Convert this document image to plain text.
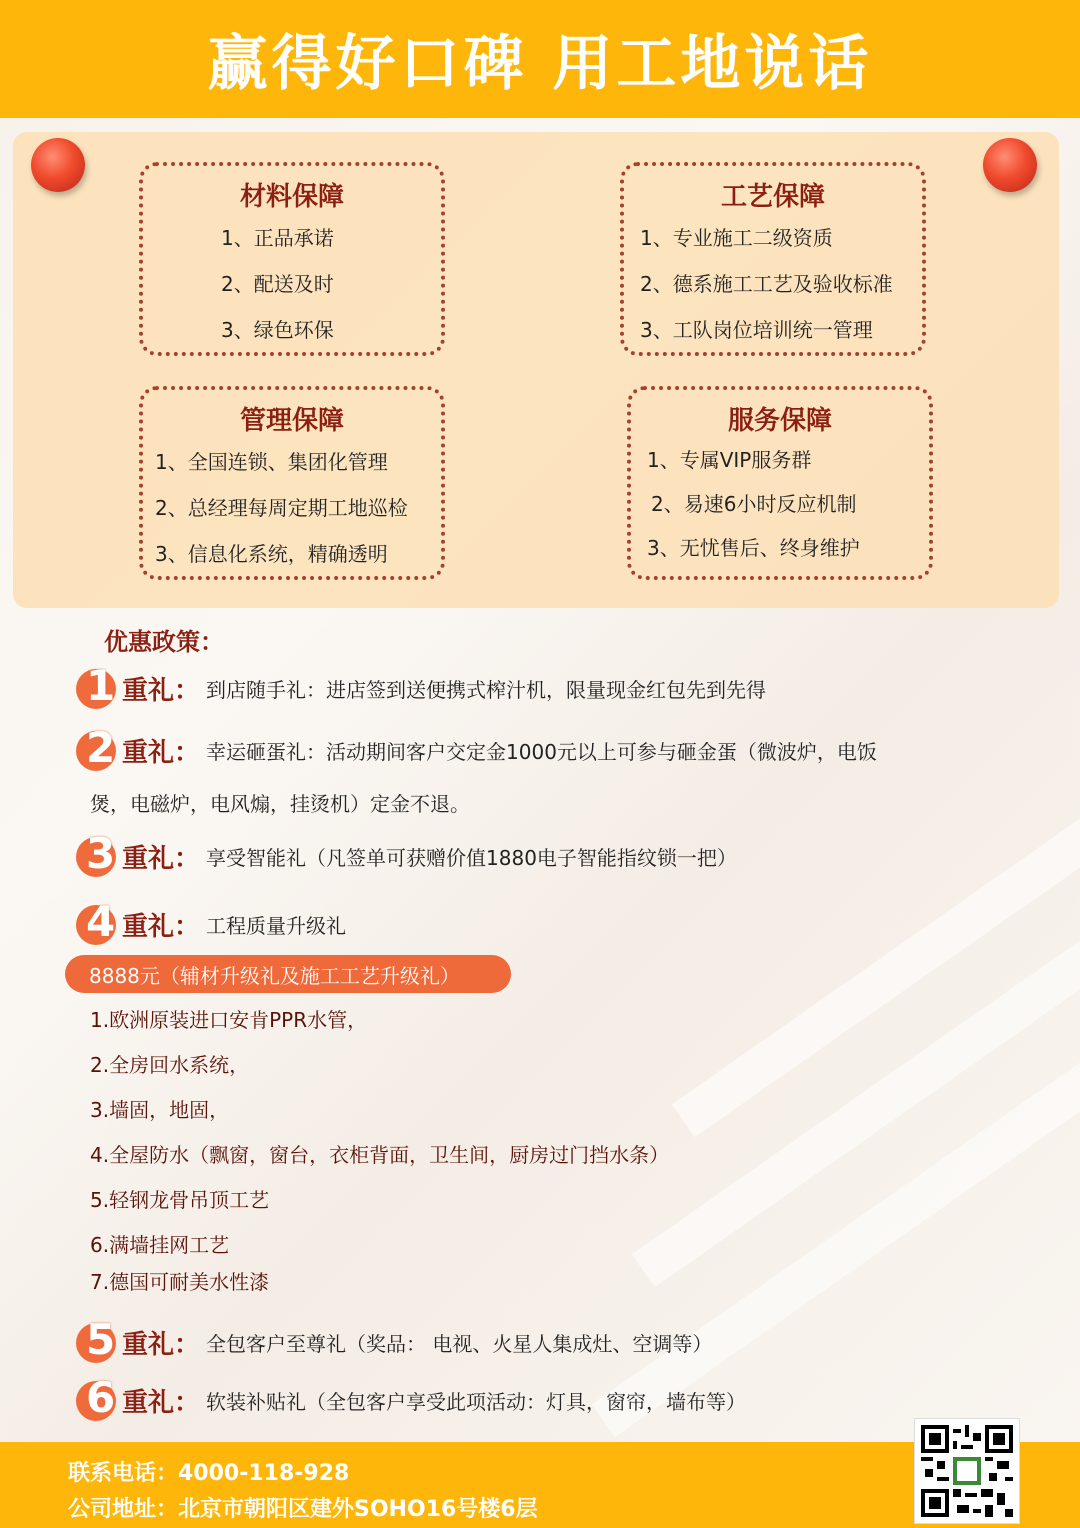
赢得好口碑 用工地说话
材料保障
1、正品承诺
2、配送及时
3、绿色环保
工艺保障
1、专业施工二级资质
2、德系施工工艺及验收标准
3、工队岗位培训统一管理
管理保障
1、全国连锁、集团化管理
2、总经理每周定期工地巡检
3、信息化系统，精确透明
服务保障
1、专属VIP服务群
2、易速6小时反应机制
3、无忧售后、终身维护
优惠政策：
1 重礼： 到店随手礼：进店签到送便携式榨汁机，限量现金红包先到先得
2 重礼： 幸运砸蛋礼：活动期间客户交定金1000元以上可参与砸金蛋（微波炉，电饭
煲，电磁炉，电风煽，挂烫机）定金不退。
3 重礼： 享受智能礼（凡签单可获赠价值1880电子智能指纹锁一把）
4 重礼： 工程质量升级礼
8888元（辅材升级礼及施工工艺升级礼）
1.欧洲原装进口安肯PPR水管，
2.全房回水系统，
3.墙固，地固，
4.全屋防水（飘窗，窗台，衣柜背面，卫生间，厨房过门挡水条）
5.轻钢龙骨吊顶工艺
6.满墙挂网工艺
7.德国可耐美水性漆
5 重礼： 全包客户至尊礼（奖品： 电视、火星人集成灶、空调等）
6 重礼： 软装补贴礼（全包客户享受此项活动：灯具，窗帘，墙布等）
联系电话：4000-118-928
公司地址：北京市朝阳区建外SOHO16号楼6层
